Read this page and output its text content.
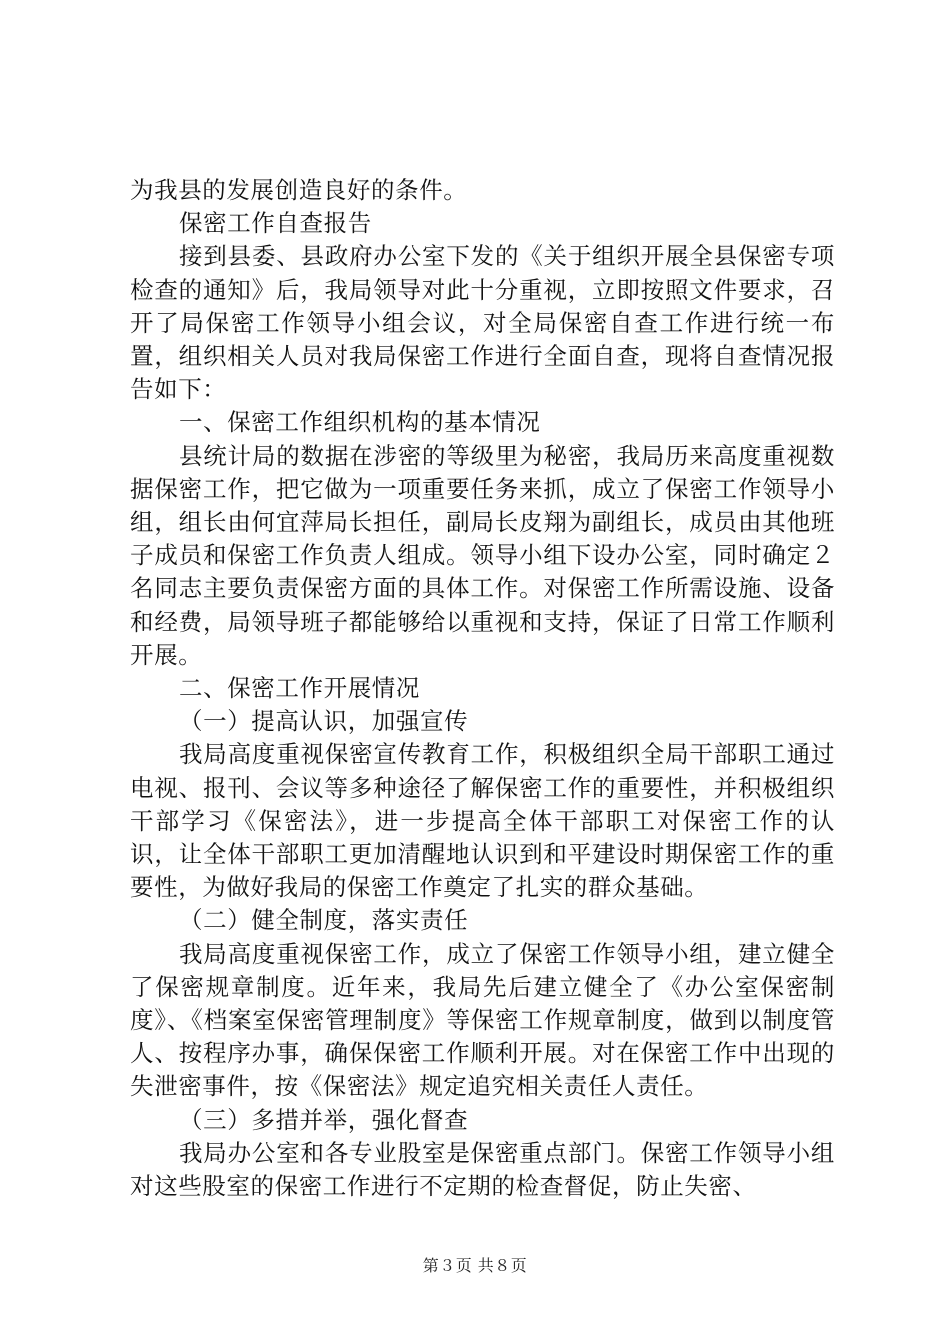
为我县的发展创造良好的条件。

保密工作自查报告

接到县委、县政府办公室下发的《关于组织开展全县保密专项检查的通知》后，我局领导对此十分重视，立即按照文件要求，召开了局保密工作领导小组会议，对全局保密自查工作进行统一布置，组织相关人员对我局保密工作进行全面自查，现将自查情况报告如下：

一、保密工作组织机构的基本情况

县统计局的数据在涉密的等级里为秘密，我局历来高度重视数据保密工作，把它做为一项重要任务来抓，成立了保密工作领导小组，组长由何宜萍局长担任，副局长皮翔为副组长，成员由其他班子成员和保密工作负责人组成。领导小组下设办公室，同时确定２名同志主要负责保密方面的具体工作。对保密工作所需设施、设备和经费，局领导班子都能够给以重视和支持，保证了日常工作顺利开展。

二、保密工作开展情况

（一）提高认识，加强宣传

我局高度重视保密宣传教育工作，积极组织全局干部职工通过电视、报刊、会议等多种途径了解保密工作的重要性，并积极组织干部学习《保密法》，进一步提高全体干部职工对保密工作的认识，让全体干部职工更加清醒地认识到和平建设时期保密工作的重要性，为做好我局的保密工作奠定了扎实的群众基础。

（二）健全制度，落实责任

我局高度重视保密工作，成立了保密工作领导小组，建立健全了保密规章制度。近年来，我局先后建立健全了《办公室保密制度》、《档案室保密管理制度》等保密工作规章制度，做到以制度管人、按程序办事，确保保密工作顺利开展。对在保密工作中出现的失泄密事件，按《保密法》规定追究相关责任人责任。

（三）多措并举，强化督查

我局办公室和各专业股室是保密重点部门。保密工作领导小组对这些股室的保密工作进行不定期的检查督促，防止失密、

第３页 共８页
